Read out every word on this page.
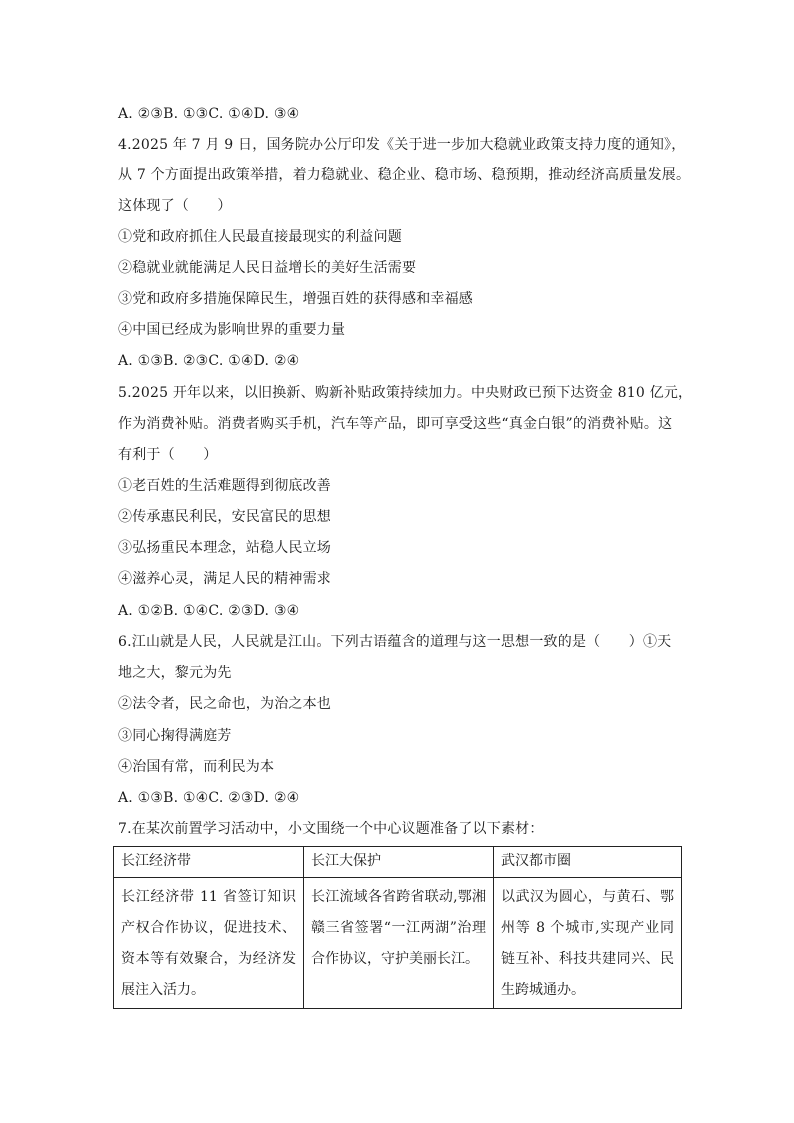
A. ②③B. ①③C. ①④D. ③④
4.2025 年 7 月 9 日，国务院办公厅印发《关于进一步加大稳就业政策支持力度的通知》，
从 7 个方面提出政策举措，着力稳就业、稳企业、稳市场、稳预期，推动经济高质量发展。
这体现了（　　）
①党和政府抓住人民最直接最现实的利益问题
②稳就业就能满足人民日益增长的美好生活需要
③党和政府多措施保障民生，增强百姓的获得感和幸福感
④中国已经成为影响世界的重要力量
A. ①③B. ②③C. ①④D. ②④
5.2025 开年以来，以旧换新、购新补贴政策持续加力。中央财政已预下达资金 810 亿元，
作为消费补贴。消费者购买手机，汽车等产品，即可享受这些“真金白银”的消费补贴。这
有利于（　　）
①老百姓的生活难题得到彻底改善
②传承惠民利民，安民富民的思想
③弘扬重民本理念，站稳人民立场
④滋养心灵，满足人民的精神需求
A. ①②B. ①④C. ②③D. ③④
6.江山就是人民，人民就是江山。下列古语蕴含的道理与这一思想一致的是（　　）①天
地之大，黎元为先
②法令者，民之命也，为治之本也
③同心掬得满庭芳
④治国有常，而利民为本
A. ①③B. ①④C. ②③D. ②④
7.在某次前置学习活动中，小文围绕一个中心议题准备了以下素材：
长江经济带	长江大保护	武汉都市圈
长江经济带 11 省签订知识产权合作协议，促进技术、资本等有效聚合，为经济发展注入活力。	长江流域各省跨省联动,鄂湘赣三省签署“一江两湖”治理合作协议，守护美丽长江。	以武汉为圆心，与黄石、鄂州等 8 个城市,实现产业同链互补、科技共建同兴、民生跨城通办。
